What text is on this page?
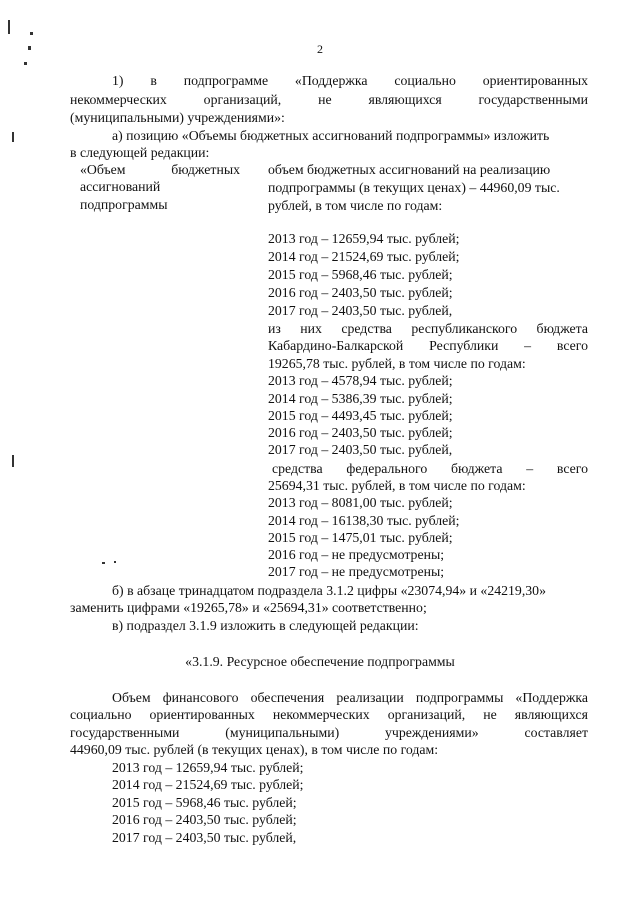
2
1) в подпрограмме «Поддержка социально ориентированных
некоммерческих организаций, не являющихся государственными
(муниципальными) учреждениями»:
а) позицию «Объемы бюджетных ассигнований подпрограммы» изложить
в следующей редакции:
«Объем бюджетных
ассигнований
подпрограммы
объем бюджетных ассигнований на реализацию
подпрограммы (в текущих ценах) – 44960,09 тыс.
рублей, в том числе по годам:
2013 год – 12659,94 тыс. рублей;
2014 год – 21524,69 тыс. рублей;
2015 год – 5968,46 тыс. рублей;
2016 год – 2403,50 тыс. рублей;
2017 год – 2403,50 тыс. рублей,
из них средства республиканского бюджета
Кабардино-Балкарской Республики – всего
19265,78 тыс. рублей, в том числе по годам:
2013 год – 4578,94 тыс. рублей;
2014 год – 5386,39 тыс. рублей;
2015 год – 4493,45 тыс. рублей;
2016 год – 2403,50 тыс. рублей;
2017 год – 2403,50 тыс. рублей,
средства федерального бюджета – всего
25694,31 тыс. рублей, в том числе по годам:
2013 год – 8081,00 тыс. рублей;
2014 год – 16138,30 тыс. рублей;
2015 год – 1475,01 тыс. рублей;
2016 год – не предусмотрены;
2017 год – не предусмотрены;
б) в абзаце тринадцатом подраздела 3.1.2 цифры «23074,94» и «24219,30»
заменить цифрами «19265,78» и «25694,31» соответственно;
в) подраздел 3.1.9 изложить в следующей редакции:
«3.1.9. Ресурсное обеспечение подпрограммы
Объем финансового обеспечения реализации подпрограммы «Поддержка
социально ориентированных некоммерческих организаций, не являющихся
государственными (муниципальными) учреждениями» составляет
44960,09 тыс. рублей (в текущих ценах), в том числе по годам:
2013 год – 12659,94 тыс. рублей;
2014 год – 21524,69 тыс. рублей;
2015 год – 5968,46 тыс. рублей;
2016 год – 2403,50 тыс. рублей;
2017 год – 2403,50 тыс. рублей,
